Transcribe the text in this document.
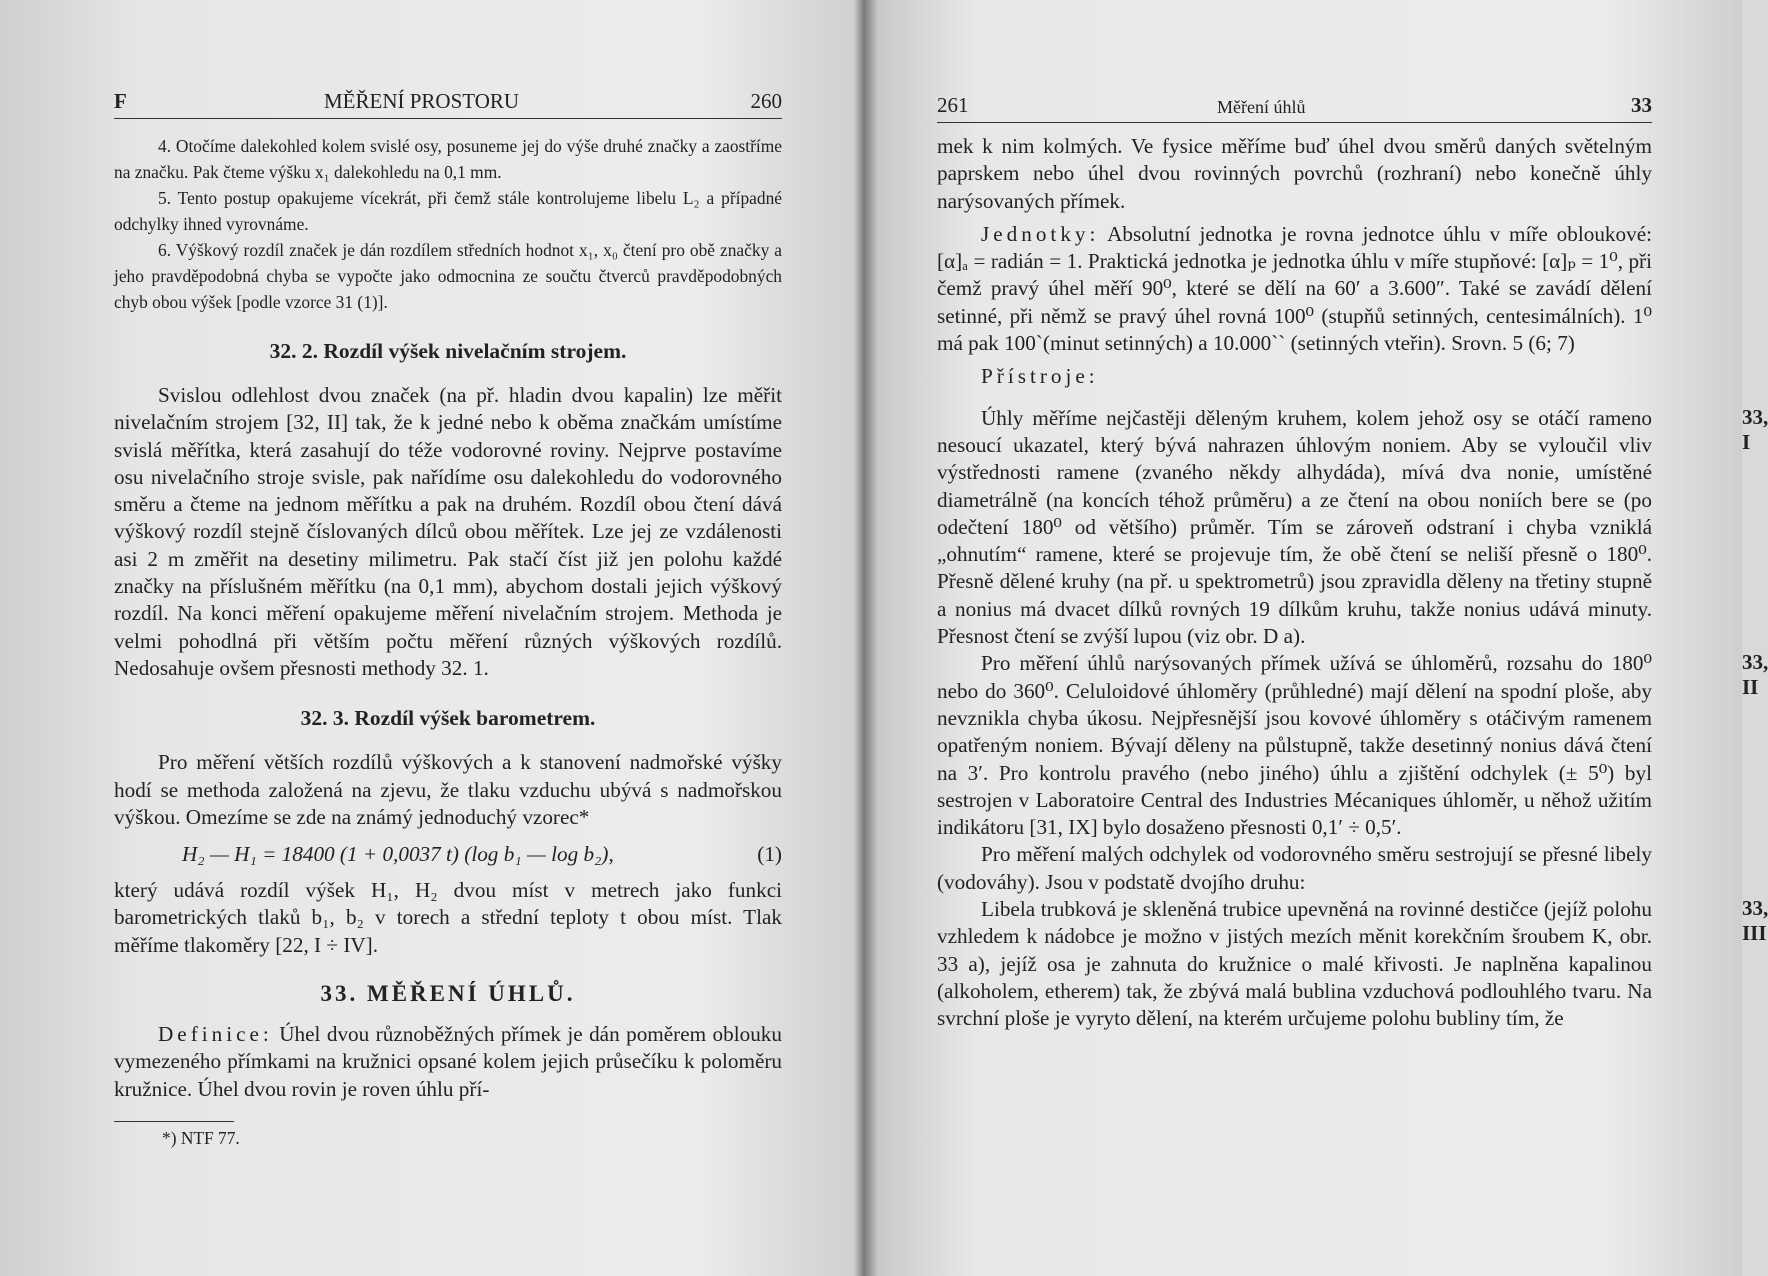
F	MĚŘENÍ PROSTORU	260

4. Otočíme dalekohled kolem svislé osy, posuneme jej do výše druhé značky a zaostříme na značku. Pak čteme výšku x₁ dalekohledu na 0,1 mm.

5. Tento postup opakujeme vícekrát, při čemž stále kontrolujeme libelu L₂ a případné odchylky ihned vyrovnáme.

6. Výškový rozdíl značek je dán rozdílem středních hodnot x₁, x₀ čtení pro obě značky a jeho pravděpodobná chyba se vypočte jako odmocnina ze součtu čtverců pravděpodobných chyb obou výšek [podle vzorce 31 (1)].

32. 2. Rozdíl výšek nivelačním strojem.

Svislou odlehlost dvou značek (na př. hladin dvou kapalin) lze měřit nivelačním strojem [32, II] tak, že k jedné nebo k oběma značkám umístíme svislá měřítka, která zasahují do téže vodorovné roviny. Nejprve postavíme osu nivelačního stroje svisle, pak nařídíme osu dalekohledu do vodorovného směru a čteme na jednom měřítku a pak na druhém. Rozdíl obou čtení dává výškový rozdíl stejně číslovaných dílců obou měřítek. Lze jej ze vzdálenosti asi 2 m změřit na desetiny milimetru. Pak stačí číst již jen polohu každé značky na příslušném měřítku (na 0,1 mm), abychom dostali jejich výškový rozdíl. Na konci měření opakujeme měření nivelačním strojem. Methoda je velmi pohodlná při větším počtu měření různých výškových rozdílů. Nedosahuje ovšem přesnosti methody 32. 1.

32. 3. Rozdíl výšek barometrem.

Pro měření větších rozdílů výškových a k stanovení nadmořské výšky hodí se methoda založená na zjevu, že tlaku vzduchu ubývá s nadmořskou výškou. Omezíme se zde na známý jednoduchý vzorec*

H₂ — H₁ = 18400 (1 + 0,0037 t) (log b₁ — log b₂),	(1)

který udává rozdíl výšek H₁, H₂ dvou míst v metrech jako funkci barometrických tlaků b₁, b₂ v torech a střední teploty t obou míst. Tlak měříme tlakoměry [22, I ÷ IV].

33. MĚŘENÍ ÚHLŮ.

Definice: Úhel dvou různoběžných přímek je dán poměrem oblouku vymezeného přímkami na kružnici opsané kolem jejich průsečíku k poloměru kružnice. Úhel dvou rovin je roven úhlu pří-

*) NTF 77.
261	Měření úhlů	33

mek k nim kolmých. Ve fysice měříme buď úhel dvou směrů daných světelným paprskem nebo úhel dvou rovinných povrchů (rozhraní) nebo konečně úhly narýsovaných přímek.

Jednotky: Absolutní jednotka je rovna jednotce úhlu v míře obloukové: [α]ₐ = radián = 1. Praktická jednotka je jednotka úhlu v míře stupňové: [α]ₚ = 1⁰, při čemž pravý úhel měří 90⁰, které se dělí na 60′ a 3.600″. Také se zavádí dělení setinné, při němž se pravý úhel rovná 100⁰ (stupňů setinných, centesimálních). 1⁰ má pak 100`(minut setinných) a 10.000`` (setinných vteřin). Srovn. 5 (6; 7)

Přístroje:

33, I

Úhly měříme nejčastěji děleným kruhem, kolem jehož osy se otáčí rameno nesoucí ukazatel, který bývá nahrazen úhlovým noniem. Aby se vyloučil vliv výstřednosti ramene (zvaného někdy alhydáda), mívá dva nonie, umístěné diametrálně (na koncích téhož průměru) a ze čtení na obou noniích bere se (po odečtení 180⁰ od většího) průměr. Tím se zároveň odstraní i chyba vzniklá „ohnutím“ ramene, které se projevuje tím, že obě čtení se neliší přesně o 180⁰. Přesně dělené kruhy (na př. u spektrometrů) jsou zpravidla děleny na třetiny stupně a nonius má dvacet dílků rovných 19 dílkům kruhu, takže nonius udává minuty. Přesnost čtení se zvýší lupou (viz obr. D a).

33, II

Pro měření úhlů narýsovaných přímek užívá se úhloměrů, rozsahu do 180⁰ nebo do 360⁰. Celuloidové úhloměry (průhledné) mají dělení na spodní ploše, aby nevznikla chyba úkosu. Nejpřesnější jsou kovové úhloměry s otáčivým ramenem opatřeným noniem. Bývají děleny na půlstupně, takže desetinný nonius dává čtení na 3′. Pro kontrolu pravého (nebo jiného) úhlu a zjištění odchylek (± 5⁰) byl sestrojen v Laboratoire Central des Industries Mécaniques úhloměr, u něhož užitím indikátoru [31, IX] bylo dosaženo přesnosti 0,1′ ÷ 0,5′.

Pro měření malých odchylek od vodorovného směru sestrojují se přesné libely (vodováhy). Jsou v podstatě dvojího druhu:

33, III

Libela trubková je skleněná trubice upevněná na rovinné destičce (jejíž polohu vzhledem k nádobce je možno v jistých mezích měnit korekčním šroubem K, obr. 33 a), jejíž osa je zahnuta do kružnice o malé křivosti. Je naplněna kapalinou (alkoholem, etherem) tak, že zbývá malá bublina vzduchová podlouhlého tvaru. Na svrchní ploše je vyryto dělení, na kterém určujeme polohu bubliny tím, že
